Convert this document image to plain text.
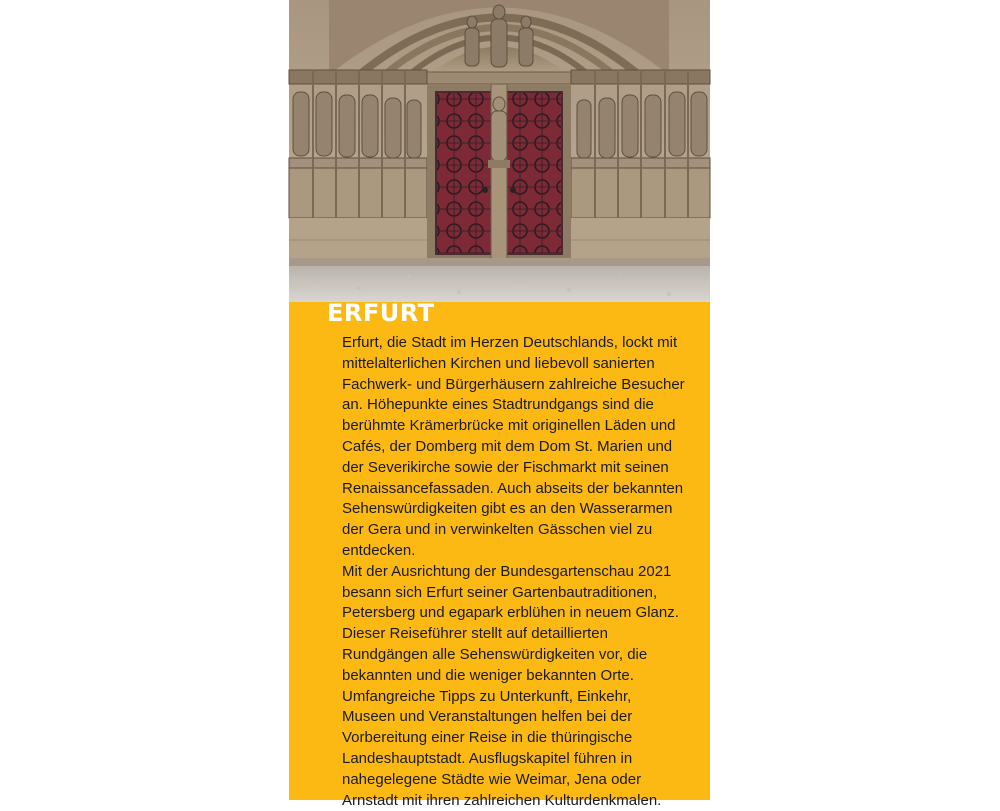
ERFURT
Erfurt, die Stadt im Herzen Deutschlands, lockt mit
mittelalterlichen Kirchen und liebevoll sanierten
Fachwerk- und Bürgerhäusern zahlreiche Besucher
an. Höhepunkte eines Stadtrundgangs sind die
berühmte Krämerbrücke mit originellen Läden und
Cafés, der Domberg mit dem Dom St. Marien und
der Severikirche sowie der Fischmarkt mit seinen
Renaissancefassaden. Auch abseits der bekannten
Sehenswürdigkeiten gibt es an den Wasserarmen
der Gera und in verwinkelten Gässchen viel zu
entdecken.
Mit der Ausrichtung der Bundesgartenschau 2021
besann sich Erfurt seiner Gartenbautraditionen,
Petersberg und egapark erblühen in neuem Glanz.
Dieser Reiseführer stellt auf detaillierten
Rundgängen alle Sehenswürdigkeiten vor, die
bekannten und die weniger bekannten Orte.
Umfangreiche Tipps zu Unterkunft, Einkehr,
Museen und Veranstaltungen helfen bei der
Vorbereitung einer Reise in die thüringische
Landeshauptstadt. Ausflugskapitel führen in
nahegelegene Städte wie Weimar, Jena oder
Arnstadt mit ihren zahlreichen Kulturdenkmalen.
